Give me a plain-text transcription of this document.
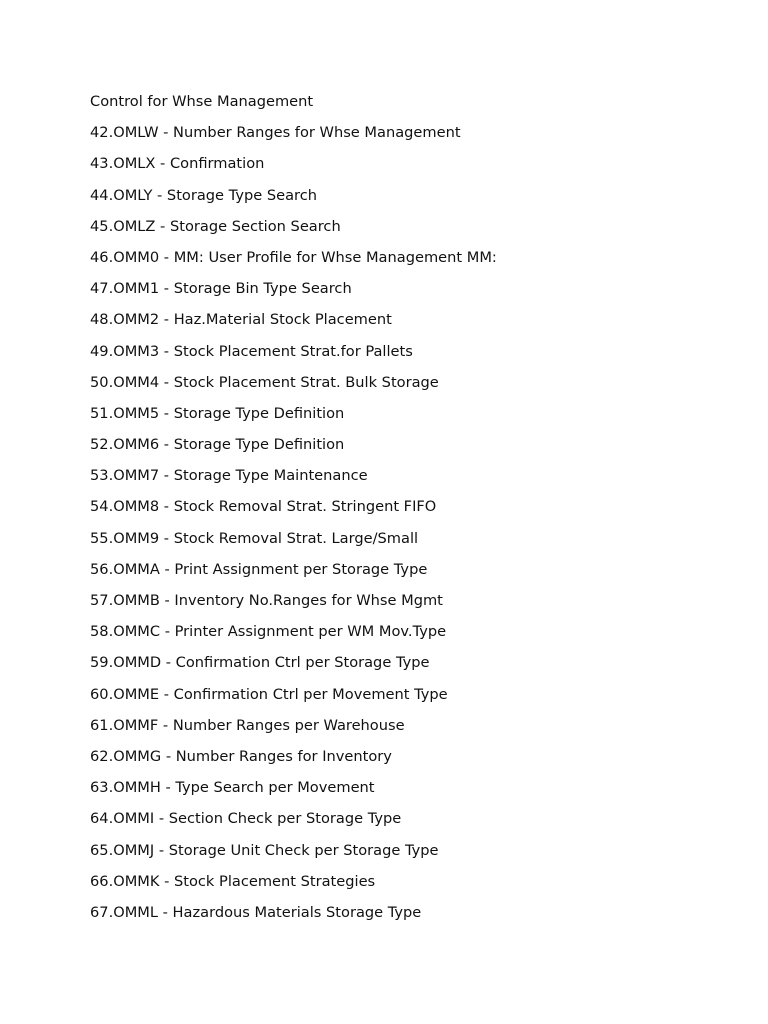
Control for Whse Management
42.OMLW - Number Ranges for Whse Management
43.OMLX - Confirmation
44.OMLY - Storage Type Search
45.OMLZ - Storage Section Search
46.OMM0 - MM: User Profile for Whse Management MM:
47.OMM1 - Storage Bin Type Search
48.OMM2 - Haz.Material Stock Placement
49.OMM3 - Stock Placement Strat.for Pallets
50.OMM4 - Stock Placement Strat. Bulk Storage
51.OMM5 - Storage Type Definition
52.OMM6 - Storage Type Definition
53.OMM7 - Storage Type Maintenance
54.OMM8 - Stock Removal Strat. Stringent FIFO
55.OMM9 - Stock Removal Strat. Large/Small
56.OMMA - Print Assignment per Storage Type
57.OMMB - Inventory No.Ranges for Whse Mgmt
58.OMMC - Printer Assignment per WM Mov.Type
59.OMMD - Confirmation Ctrl per Storage Type
60.OMME - Confirmation Ctrl per Movement Type
61.OMMF - Number Ranges per Warehouse
62.OMMG - Number Ranges for Inventory
63.OMMH - Type Search per Movement
64.OMMI - Section Check per Storage Type
65.OMMJ - Storage Unit Check per Storage Type
66.OMMK - Stock Placement Strategies
67.OMML - Hazardous Materials Storage Type
